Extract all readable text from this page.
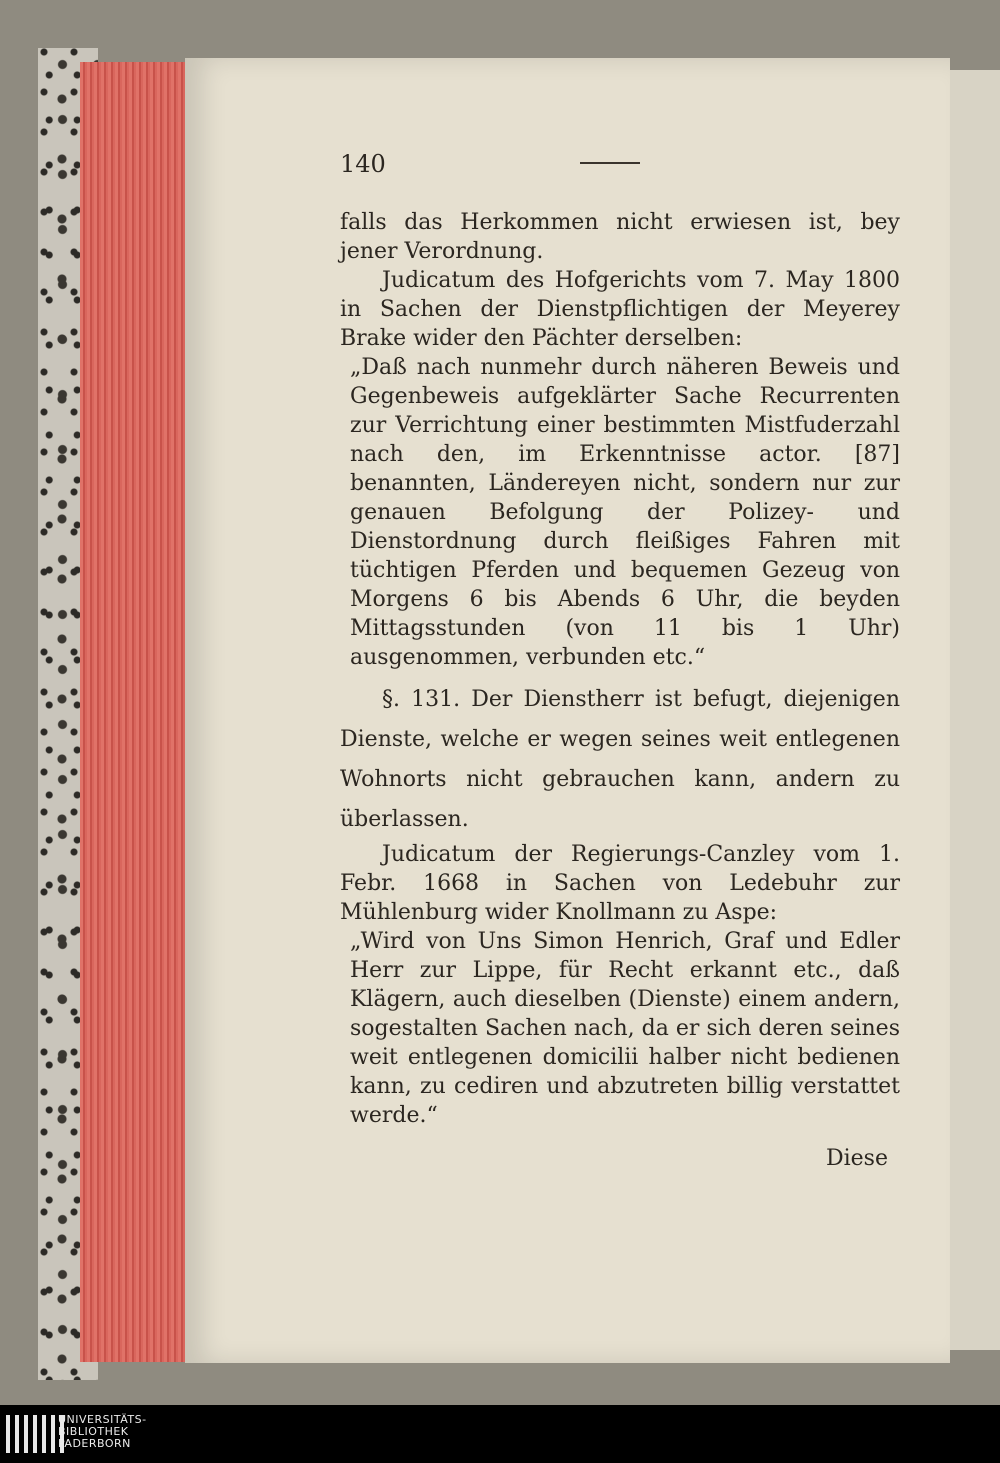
140

falls das Herkommen nicht erwiesen ist, bey jener Verordnung.

Judicatum des Hofgerichts vom 7. May 1800 in Sachen der Dienstpflichtigen der Meyerey Brake wider den Pächter derselben:

„Daß nach nunmehr durch näheren Beweis und Gegenbeweis aufgeklärter Sache Recurrenten zur Verrichtung einer bestimmten Mistfuderzahl nach den, im Erkenntnisse actor. [87] benannten, Ländereyen nicht, sondern nur zur genauen Befolgung der Polizey- und Dienstordnung durch fleißiges Fahren mit tüchtigen Pferden und bequemen Gezeug von Morgens 6 bis Abends 6 Uhr, die beyden Mittagsstunden (von 11 bis 1 Uhr) ausgenommen, verbunden etc.“

§. 131. Der Dienstherr ist befugt, diejenigen Dienste, welche er wegen seines weit entlegenen Wohnorts nicht gebrauchen kann, andern zu überlassen.

Judicatum der Regierungs-Canzley vom 1. Febr. 1668 in Sachen von Ledebuhr zur Mühlenburg wider Knollmann zu Aspe:

„Wird von Uns Simon Henrich, Graf und Edler Herr zur Lippe, für Recht erkannt etc., daß Klägern, auch dieselben (Dienste) einem andern, sogestalten Sachen nach, da er sich deren seines weit entlegenen domicilii halber nicht bedienen kann, zu cediren und abzutreten billig verstattet werde.“

Diese
UNIVERSITÄTS-
BIBLIOTHEK
PADERBORN
